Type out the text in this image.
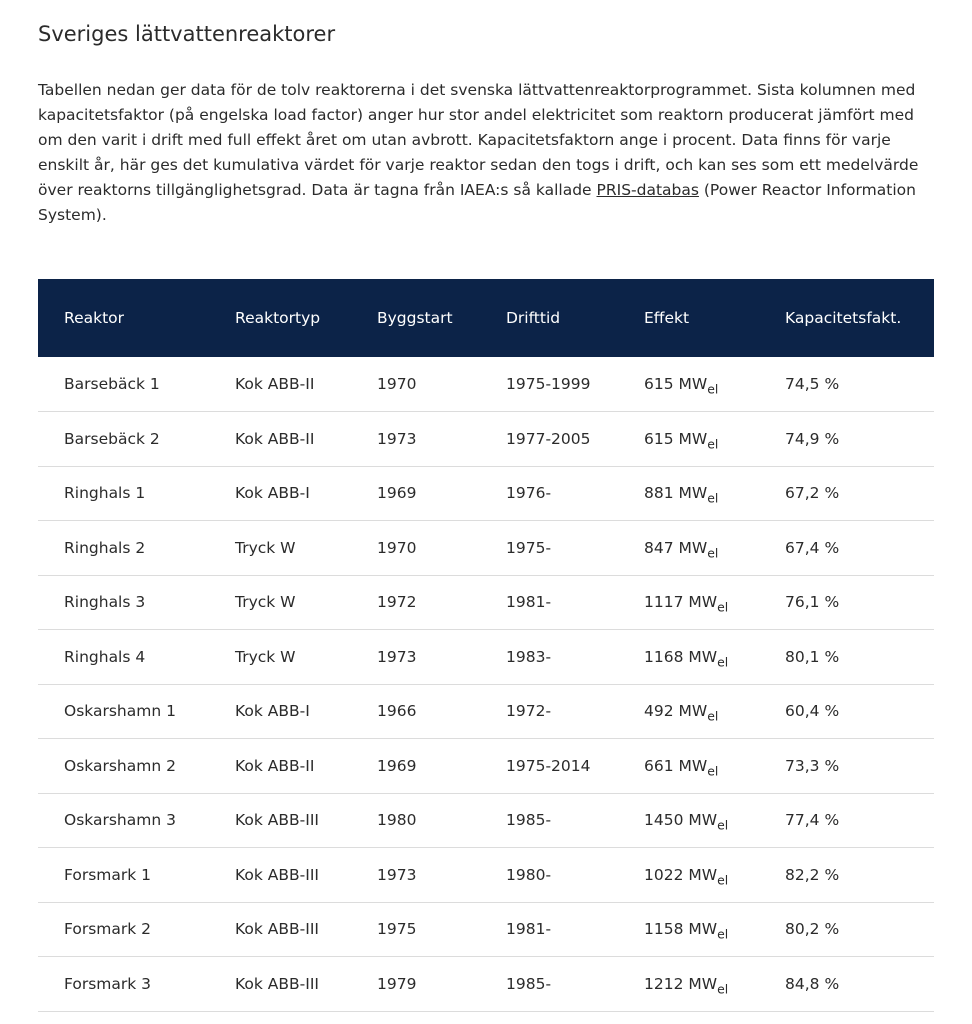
Sveriges lättvattenreaktorer

Tabellen nedan ger data för de tolv reaktorerna i det svenska lättvattenreaktorprogrammet. Sista kolumnen med kapacitetsfaktor (på engelska load factor) anger hur stor andel elektricitet som reaktorn producerat jämfört med om den varit i drift med full effekt året om utan avbrott. Kapacitetsfaktorn ange i procent. Data finns för varje enskilt år, här ges det kumulativa värdet för varje reaktor sedan den togs i drift, och kan ses som ett medelvärde över reaktorns tillgänglighetsgrad. Data är tagna från IAEA:s så kallade PRIS-databas (Power Reactor Information System).

Reaktor	Reaktortyp	Byggstart	Drifttid	Effekt	Kapacitetsfakt.
Barsebäck 1	Kok ABB-II	1970	1975-1999	615 $MW_{el}$	74,5 %
Barsebäck 2	Kok ABB-II	1973	1977-2005	615 $MW_{el}$	74,9 %
Ringhals 1	Kok ABB-I	1969	1976-	881 $MW_{el}$	67,2 %
Ringhals 2	Tryck W	1970	1975-	847 $MW_{el}$	67,4 %
Ringhals 3	Tryck W	1972	1981-	1117 $MW_{el}$	76,1 %
Ringhals 4	Tryck W	1973	1983-	1168 $MW_{el}$	80,1 %
Oskarshamn 1	Kok ABB-I	1966	1972-	492 $MW_{el}$	60,4 %
Oskarshamn 2	Kok ABB-II	1969	1975-2014	661 $MW_{el}$	73,3 %
Oskarshamn 3	Kok ABB-III	1980	1985-	1450 $MW_{el}$	77,4 %
Forsmark 1	Kok ABB-III	1973	1980-	1022 $MW_{el}$	82,2 %
Forsmark 2	Kok ABB-III	1975	1981-	1158 $MW_{el}$	80,2 %
Forsmark 3	Kok ABB-III	1979	1985-	1212 $MW_{el}$	84,8 %
